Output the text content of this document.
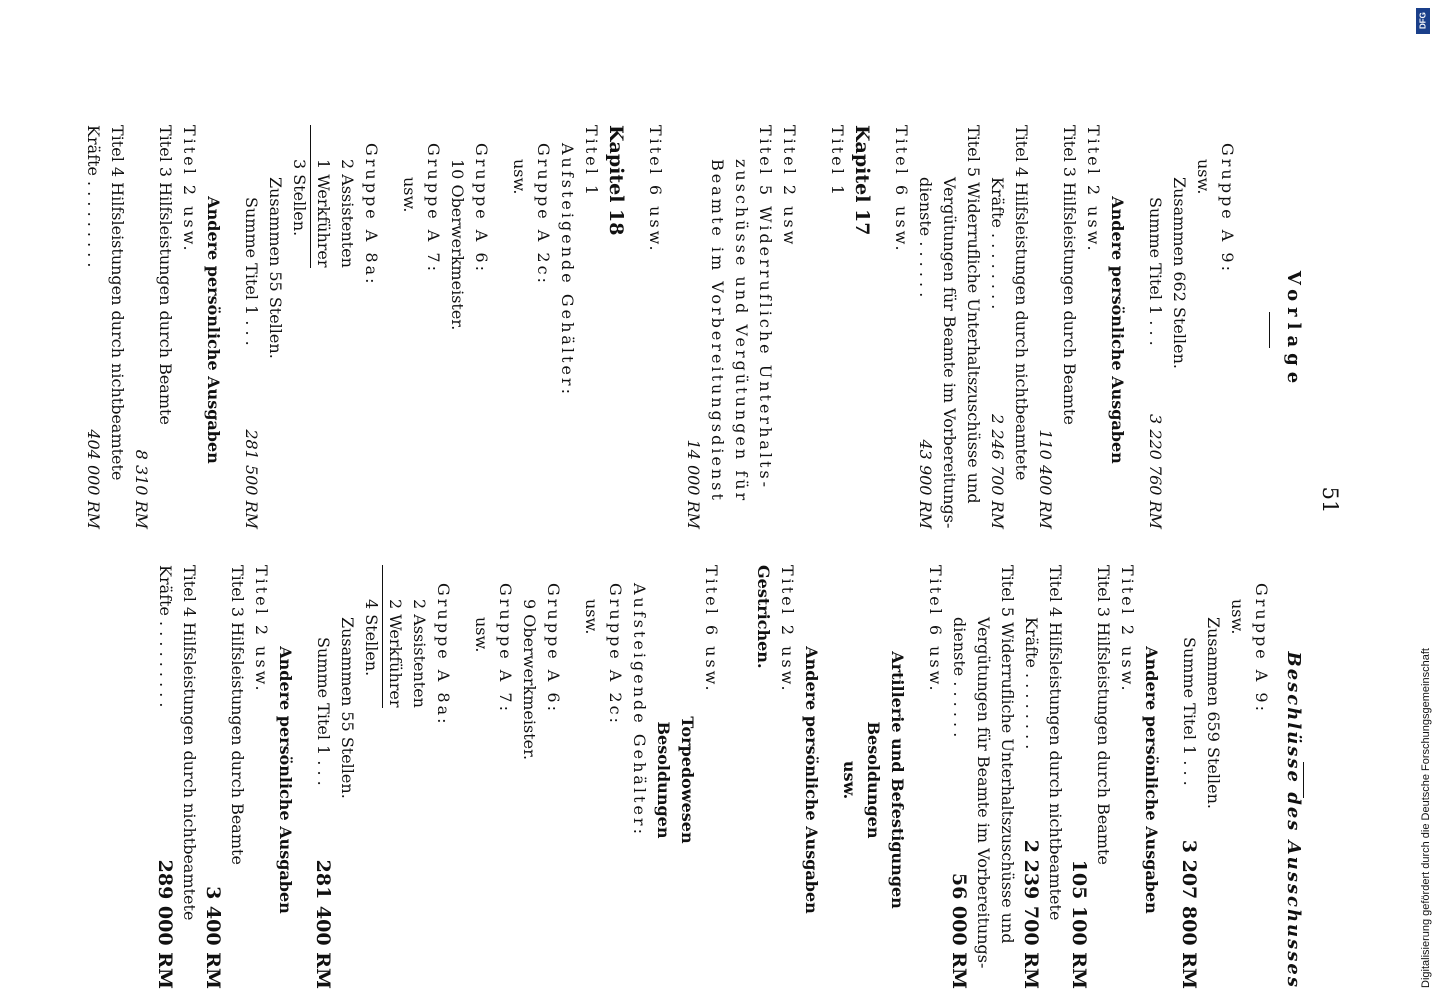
51
Vorlage
Gruppe A 9:
usw.
Zusammen 662 Stellen.
Summe Titel 1 . . .
3 220 760 RM
Andere persönliche Ausgaben
Titel 2 usw.
Titel 3 Hilfsleistungen durch Beamte
110 400 RM
Titel 4 Hilfsleistungen durch nichtbeamtete
Kräfte . . . . . . . .
2 246 700 RM
Titel 5 Widerrufliche Unterhaltszuschüsse und
Vergütungen für Beamte im Vorbereitungs-
dienste . . . . . .
43 900 RM
Titel 6 usw.
Kapitel 17
Titel 1
Titel 2 usw
Titel 5 Widerrufliche Unterhalts-
zuschüsse und Vergütungen für
Beamte im Vorbereitungsdienst
14 000 RM
Titel 6 usw.
Kapitel 18
Titel 1
Aufsteigende Gehälter:
Gruppe A 2c:
usw.
Gruppe A 6:
10 Oberwerkmeister.
Gruppe A 7:
usw.
Gruppe A 8a:
2 Assistenten
1 Werkführer
3 Stellen.
Zusammen 55 Stellen.
Summe Titel 1 . . .
281 500 RM
Andere persönliche Ausgaben
Titel 2 usw.
Titel 3 Hilfsleistungen durch Beamte
8 310 RM
Titel 4 Hilfsleistungen durch nichtbeamtete
Kräfte . . . . . . . . .
404 000 RM
Beschlüsse des Ausschusses
Gruppe A 9:
usw.
Zusammen 659 Stellen.
Summe Titel 1 . . .
3 207 800 RM
Andere persönliche Ausgaben
Titel 2 usw.
Titel 3 Hilfsleistungen durch Beamte
105 100 RM
Titel 4 Hilfsleistungen durch nichtbeamtete
Kräfte . . . . . . . .
2 239 700 RM
Titel 5 Widerrufliche Unterhaltszuschüsse und
Vergütungen für Beamte im Vorbereitungs-
dienste . . . . . .
56 000 RM
Titel 6 usw.
Artillerie und Befestigungen
Besoldungen
usw.
Andere persönliche Ausgaben
Titel 2 usw.
Gestrichen.
Titel 6 usw.
Torpedowesen
Besoldungen
Aufsteigende Gehälter:
Gruppe A 2c:
usw.
Gruppe A 6:
9 Oberwerkmeister.
Gruppe A 7:
usw.
Gruppe A 8a:
2 Assistenten
2 Werkführer
4 Stellen.
Zusammen 55 Stellen.
Summe Titel 1 . . .
281 400 RM
Andere persönliche Ausgaben
Titel 2 usw.
Titel 3 Hilfsleistungen durch Beamte
3 400 RM
Titel 4 Hilfsleistungen durch nichtbeamtete
Kräfte . . . . . . . . .
289 000 RM
DFG
Digitalisierung gefördert durch die Deutsche Forschungsgemeinschaft
